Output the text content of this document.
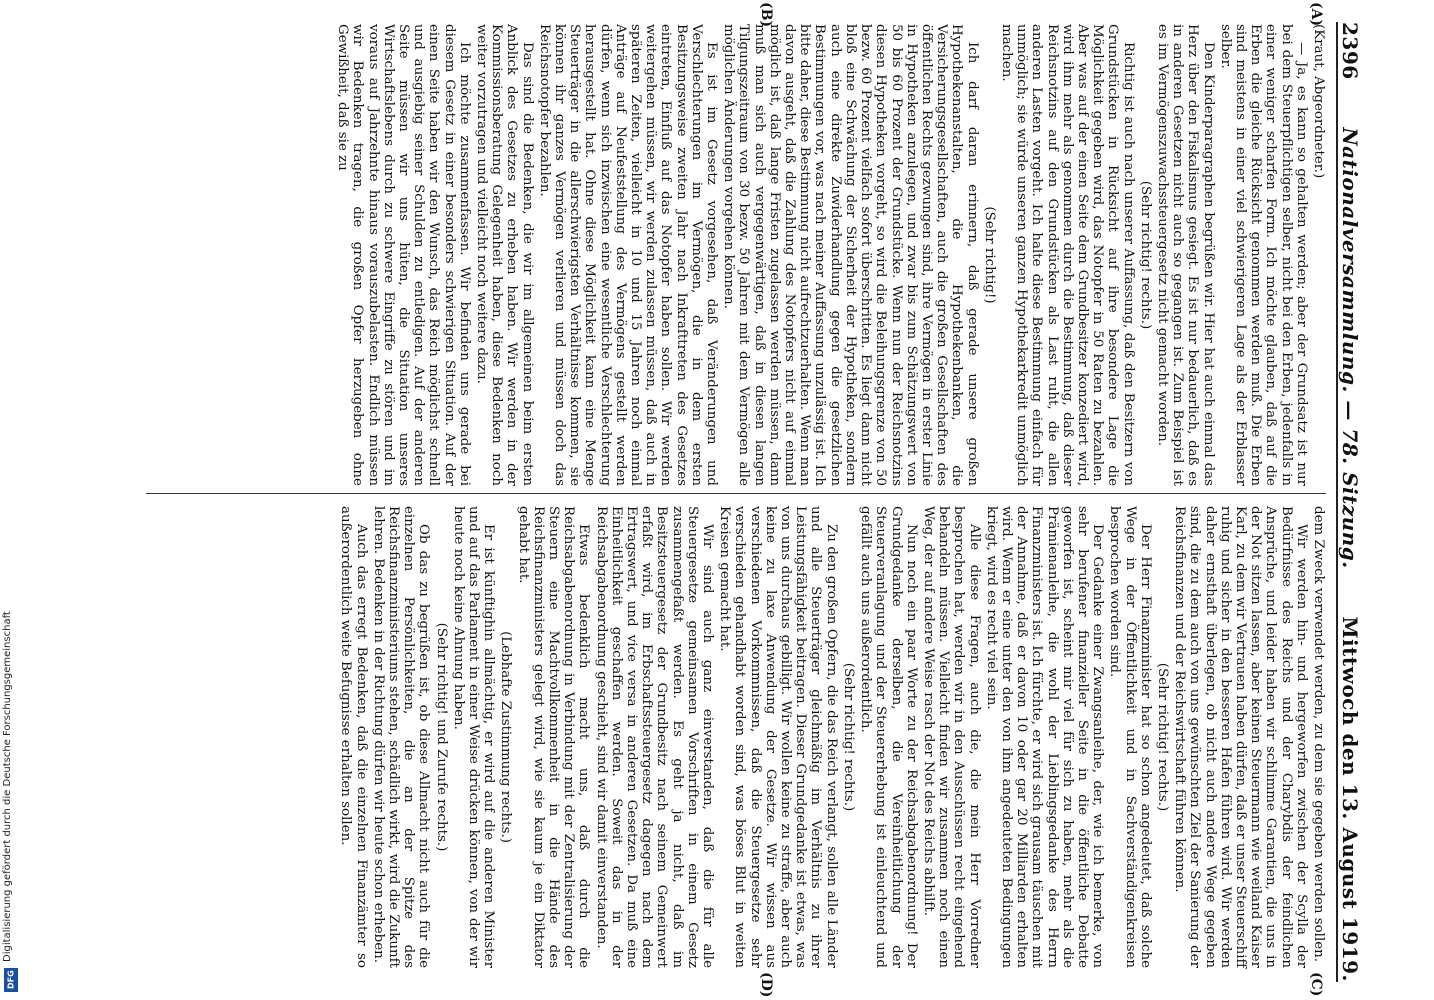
2396
Nationalversammlung. — 78. Sitzung.
Mittwoch den 13. August 1919.
(A)
(B)
(C)
(D)

(Kraut, Abgeordneter.)

— Ja, es kann so gehalten werden; aber der Grundsatz ist nur bei dem Steuerpflichtigen selber, nicht bei den Erben, jedenfalls in einer weniger scharfen Form. Ich möchte glauben, daß auf die Erben die gleiche Rücksicht genommen werden muß. Die Erben sind meistens in einer viel schwierigeren Lage als der Erblasser selber.

Den Kinderparagraphen begrüßen wir. Hier hat auch einmal das Herz über den Fiskalismus gesiegt. Es ist nur bedauerlich, daß es in anderen Gesetzen nicht auch so gegangen ist. Zum Beispiel ist es im Vermögenszuwachssteuergesetz nicht gemacht worden.

(Sehr richtig! rechts.)

Richtig ist auch nach unserer Auffassung, daß den Besitzern von Grundstücken in Rücksicht auf ihre besondere Lage die Möglichkeit gegeben wird, das Notopfer in 50 Raten zu bezahlen. Aber was auf der einen Seite dem Grundbesitzer konzediert wird, wird ihm mehr als genommen durch die Bestimmung, daß dieser Reichsnotzins auf den Grundstücken als Last ruht, die allen anderen Lasten vorgeht. Ich halte diese Bestimmung einfach für unmöglich; sie würde unseren ganzen Hypothekarkredit unmöglich machen.

(Sehr richtig!)

Ich darf daran erinnern, daß gerade unsere großen Hypothekenanstalten, die Hypothekenbanken, die Versicherungsgesellschaften, auch die großen Gesellschaften des öffentlichen Rechts gezwungen sind, ihre Vermögen in erster Linie in Hypotheken anzulegen, und zwar bis zum Schätzungswert von 50 bis 60 Prozent der Grundstücke. Wenn nun der Reichsnotzins diesen Hypotheken vorgeht, so wird die Beleihungsgrenze von 50 bezw. 60 Prozent vielfach sofort überschritten. Es liegt dann nicht bloß eine Schwächung der Sicherheit der Hypotheken, sondern auch eine direkte Zuwiderhandlung gegen die gesetzlichen Bestimmungen vor, was nach meiner Auffassung unzulässig ist. Ich bitte daher, diese Bestimmung nicht aufrechtzuerhalten. Wenn man davon ausgeht, daß die Zahlung des Notopfers nicht auf einmal möglich ist, daß lange Fristen zugelassen werden müssen, dann muß man sich auch vergegenwärtigen, daß in diesen langen Tilgungszeitraum von 30 bezw. 50 Jahren mit dem Vermögen alle möglichen Änderungen vorgehen können.

Es ist im Gesetz vorgesehen, daß Veränderungen und Verschlechterungen im Vermögen, die in dem ersten Besitzungsweise zweiten Jahr nach Inkrafttreten des Gesetzes eintreten, Einfluß auf das Notopfer haben sollen. Wir werden weitergehen müssen, wir werden zulassen müssen, daß auch in späteren Zeiten, vielleicht in 10 und 15 Jahren noch einmal Anträge auf Neufeststellung des Vermögens gestellt werden dürfen, wenn sich inzwischen eine wesentliche Verschlechterung herausgestellt hat. Ohne diese Möglichkeit kann eine Menge Steuerträger in die allerschwierigsten Verhältnisse kommen, sie können ihr ganzes Vermögen verlieren und müssen doch das Reichsnotopfer bezahlen.

Das sind die Bedenken, die wir im allgemeinen beim ersten Anblick des Gesetzes zu erheben haben. Wir werden in der Kommissionsberatung Gelegenheit haben, diese Bedenken noch weiter vorzutragen und vielleicht noch weitere dazu.

Ich möchte zusammenfassen. Wir befinden uns gerade bei diesem Gesetz in einer besonders schwierigen Situation. Auf der einen Seite haben wir den Wunsch, das Reich möglichst schnell und ausgiebig seiner Schulden zu entledigen. Auf der anderen Seite müssen wir uns hüten, die Situation unseres Wirtschaftslebens durch zu schwere Eingriffe zu stören und im voraus auf Jahrzehnte hinaus vorauszubelasten. Endlich müssen wir Bedenken tragen, die großen Opfer herzugeben ohne Gewißheit, daß sie zu

dem Zweck verwendet werden, zu dem sie gegeben werden sollen.

Wir werden hin- und hergeworfen zwischen der Scylla der Bedürfnisse des Reichs und der Charybdis der feindlichen Ansprüche, und leider haben wir schlimme Garantien, die uns in der Not sitzen lassen, aber keinen Steuermann wie weiland Kaiser Karl, zu dem wir Vertrauen haben dürfen, daß er unser Steuerschiff ruhig und sicher in den besseren Hafen führen wird. Wir werden daher ernsthaft überlegen, ob nicht auch andere Wege gegeben sind, die zu dem auch von uns gewünschten Ziel der Sanierung der Reichsfinanzen und der Reichswirtschaft führen können.

(Sehr richtig! rechts.)

Der Herr Finanzminister hat so schon angedeutet, daß solche Wege in der Öffentlichkeit und in Sachverständigenkreisen besprochen worden sind.

Der Gedanke einer Zwangsanleihe, der, wie ich bemerke, von sehr berufener finanzieller Seite in die öffentliche Debatte geworfen ist, scheint mir viel für sich zu haben, mehr als die Prämienanleihe, die wohl der Lieblingsgedanke des Herrn Finanzministers ist. Ich fürchte, er wird sich grausam täuschen mit der Annahme, daß er davon 10 oder gar 20 Milliarden erhalten wird. Wenn er eine unter den von ihm angedeuteten Bedingungen kriegt, wird es recht viel sein.

Alle diese Fragen, auch die, die mein Herr Vorredner besprochen hat, werden wir in den Ausschüssen recht eingehend behandeln müssen. Vielleicht finden wir zusammen noch einen Weg, der auf andere Weise rasch der Not des Reichs abhilft.

Nun noch ein paar Worte zu der Reichsabgabenordnung! Der Grundgedanke derselben, die Vereinheitlichung der Steuerveranlagung und der Steuererhebung ist einleuchtend und gefällt auch uns außerordentlich.

(Sehr richtig! rechts.)

Zu den großen Opfern, die das Reich verlangt, sollen alle Länder und alle Steuerträger gleichmäßig im Verhältnis zu ihrer Leistungsfähigkeit beitragen. Dieser Grundgedanke ist etwas, was von uns durchaus gebilligt. Wir wollen keine zu straffe, aber auch keine zu laxe Anwendung der Gesetze. Wir wissen aus verschiedenen Vorkommnissen, daß die Steuergesetze sehr verschieden gehandhabt worden sind, was böses Blut in weiten Kreisen gemacht hat.

Wir sind auch ganz einverstanden, daß die für alle Steuergesetze gemeinsamen Vorschriften in einem Gesetz zusammengefaßt werden. Es geht ja nicht, daß im Besitzsteuergesetz der Grundbesitz nach seinem Gemeinwert erfaßt wird, im Erbschaftssteuergesetz dagegen nach dem Ertragswert, und vice versa in anderen Gesetzen. Da muß eine Einheitlichkeit geschaffen werden. Soweit das in der Reichsabgabenordnung geschieht, sind wir damit einverstanden.

Etwas bedenklich macht uns, daß durch die Reichsabgabenordnung in Verbindung mit der Zentralisierung der Steuern eine Machtvollkommenheit in die Hände des Reichsfinanzministers gelegt wird, wie sie kaum je ein Diktator gehabt hat.

(Lebhafte Zustimmung rechts.)

Er ist künftighin allmächtig, er wird auf die anderen Minister und auf das Parlament in einer Weise drücken können, von der wir heute noch keine Ahnung haben.

(Sehr richtig! und Zurufe rechts.)

Ob das zu begrüßen ist, ob diese Allmacht nicht auch für die einzelnen Persönlichkeiten, die an der Spitze des Reichsfinanzministeriums stehen, schädlich wirkt, wird die Zukunft lehren. Bedenken in der Richtung dürfen wir heute schon erheben.

Auch das erregt Bedenken, daß die einzelnen Finanzämter so außerordentlich weite Befugnisse erhalten sollen.

Digitalisierung gefördert durch die Deutsche Forschungsgemeinschaft
DFG
